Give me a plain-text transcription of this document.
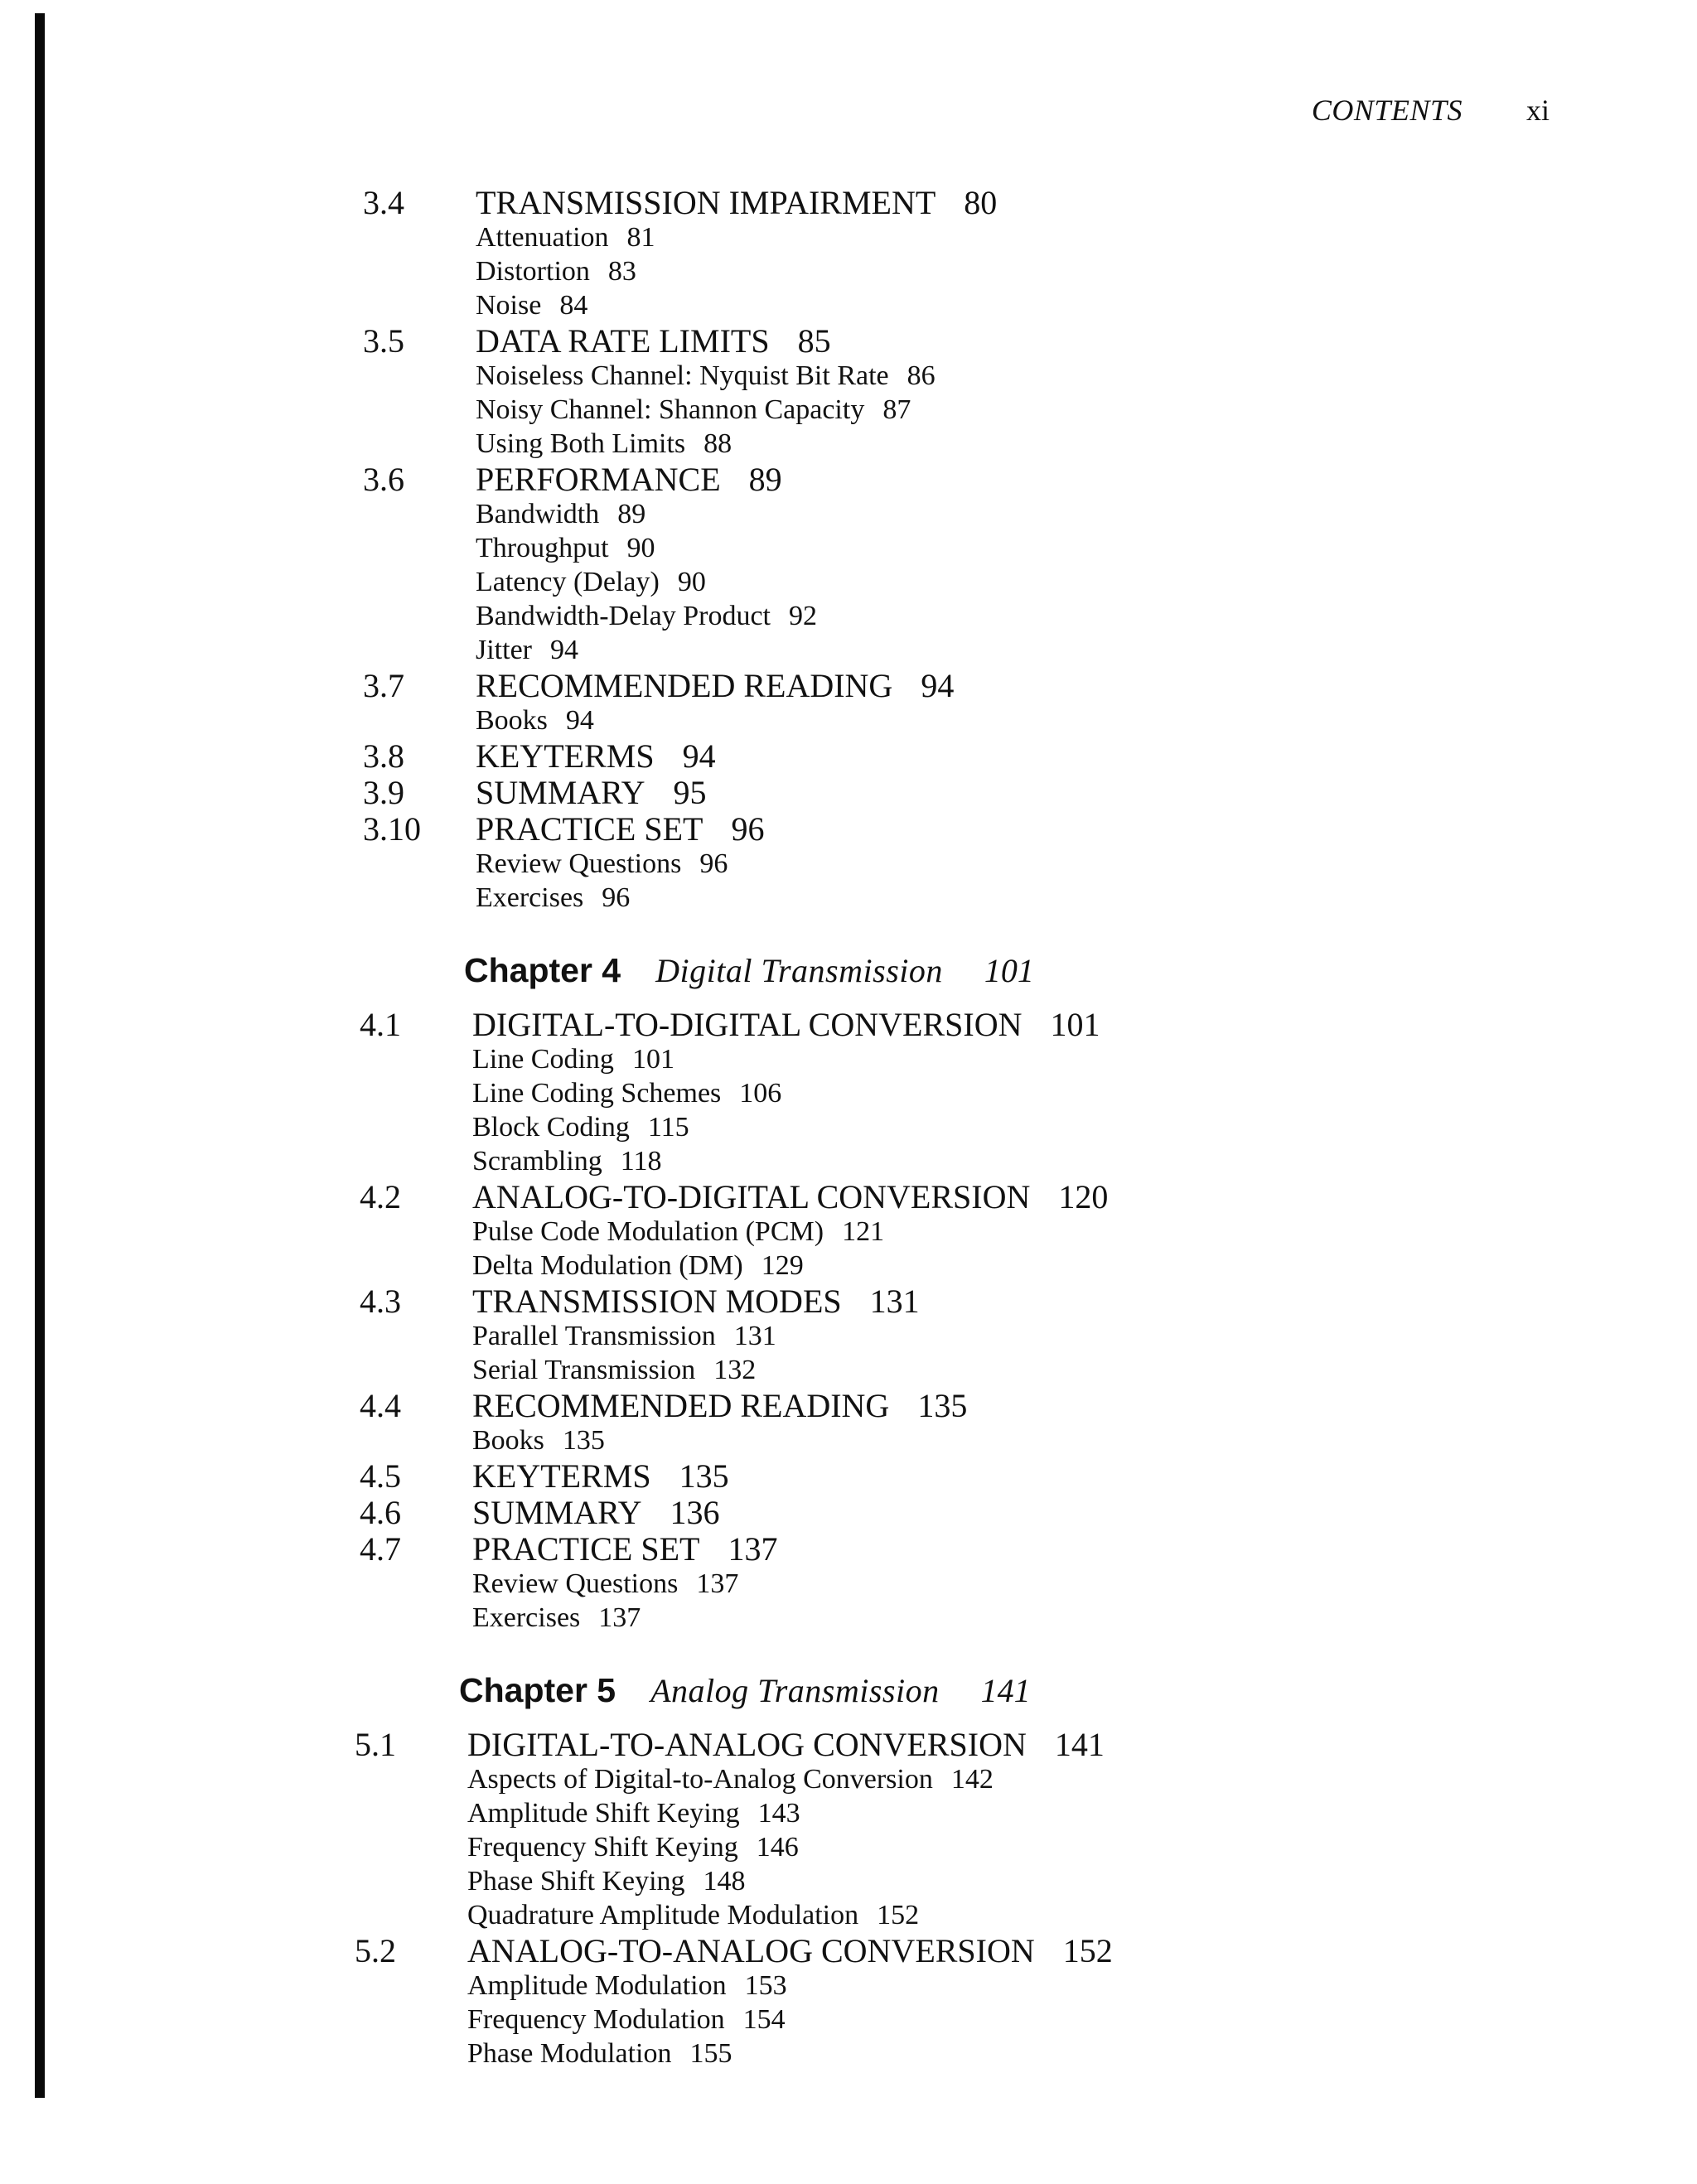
CONTENTS xi
3.4	TRANSMISSION IMPAIRMENT 80
Attenuation 81
Distortion 83
Noise 84
3.5	DATA RATE LIMITS 85
Noiseless Channel: Nyquist Bit Rate 86
Noisy Channel: Shannon Capacity 87
Using Both Limits 88
3.6	PERFORMANCE 89
Bandwidth 89
Throughput 90
Latency (Delay) 90
Bandwidth-Delay Product 92
Jitter 94
3.7	RECOMMENDED READING 94
Books 94
3.8	KEYTERMS 94
3.9	SUMMARY 95
3.10	PRACTICE SET 96
Review Questions 96
Exercises 96
Chapter 4 Digital Transmission 101
4.1	DIGITAL-TO-DIGITAL CONVERSION 101
Line Coding 101
Line Coding Schemes 106
Block Coding 115
Scrambling 118
4.2	ANALOG-TO-DIGITAL CONVERSION 120
Pulse Code Modulation (PCM) 121
Delta Modulation (DM) 129
4.3	TRANSMISSION MODES 131
Parallel Transmission 131
Serial Transmission 132
4.4	RECOMMENDED READING 135
Books 135
4.5	KEYTERMS 135
4.6	SUMMARY 136
4.7	PRACTICE SET 137
Review Questions 137
Exercises 137
Chapter 5 Analog Transmission 141
5.1	DIGITAL-TO-ANALOG CONVERSION 141
Aspects of Digital-to-Analog Conversion 142
Amplitude Shift Keying 143
Frequency Shift Keying 146
Phase Shift Keying 148
Quadrature Amplitude Modulation 152
5.2	ANALOG-TO-ANALOG CONVERSION 152
Amplitude Modulation 153
Frequency Modulation 154
Phase Modulation 155
